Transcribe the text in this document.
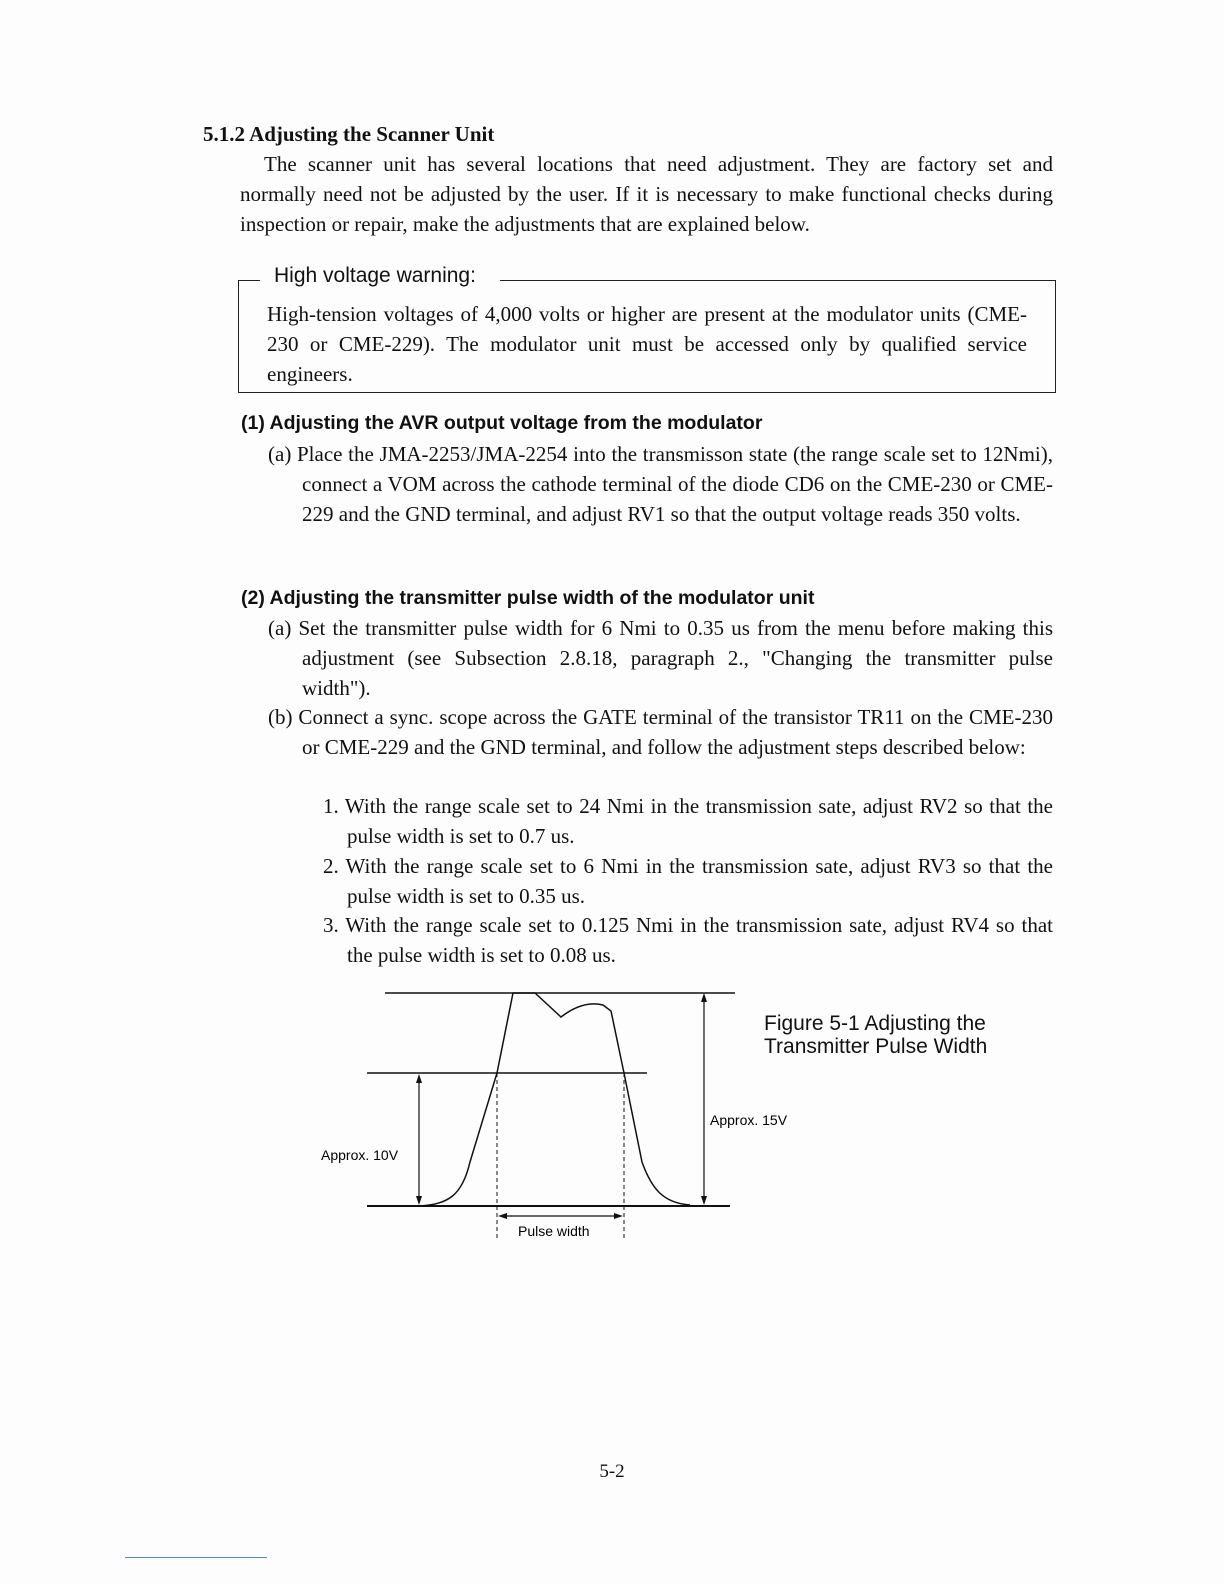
5.1.2 Adjusting the Scanner Unit
The scanner unit has several locations that need adjustment. They are factory set and normally need not be adjusted by the user. If it is necessary to make functional checks during inspection or repair, make the adjustments that are explained below.
High voltage warning:
High-tension voltages of 4,000 volts or higher are present at the modulator units (CME-230 or CME-229). The modulator unit must be accessed only by qualified service engineers.
(1) Adjusting the AVR output voltage from the modulator
(a) Place the JMA-2253/JMA-2254 into the transmisson state (the range scale set to 12Nmi), connect a VOM across the cathode terminal of the diode CD6 on the CME-230 or CME-229 and the GND terminal, and adjust RV1 so that the output voltage reads 350 volts.
(2) Adjusting the transmitter pulse width of the modulator unit
(a) Set the transmitter pulse width for 6 Nmi to 0.35 us from the menu before making this adjustment (see Subsection 2.8.18, paragraph 2., "Changing the transmitter pulse width").
(b) Connect a sync. scope across the GATE terminal of the transistor TR11 on the CME-230 or CME-229 and the GND terminal, and follow the adjustment steps described below:
1. With the range scale set to 24 Nmi in the transmission sate, adjust RV2 so that the pulse width is set to 0.7 us.
2. With the range scale set to 6 Nmi in the transmission sate, adjust RV3 so that the pulse width is set to 0.35 us.
3. With the range scale set to 0.125 Nmi in the transmission sate, adjust RV4 so that the pulse width is set to 0.08 us.
Approx. 10V
Approx. 15V
Pulse width
Figure 5-1 Adjusting the
Transmitter Pulse Width
5-2
